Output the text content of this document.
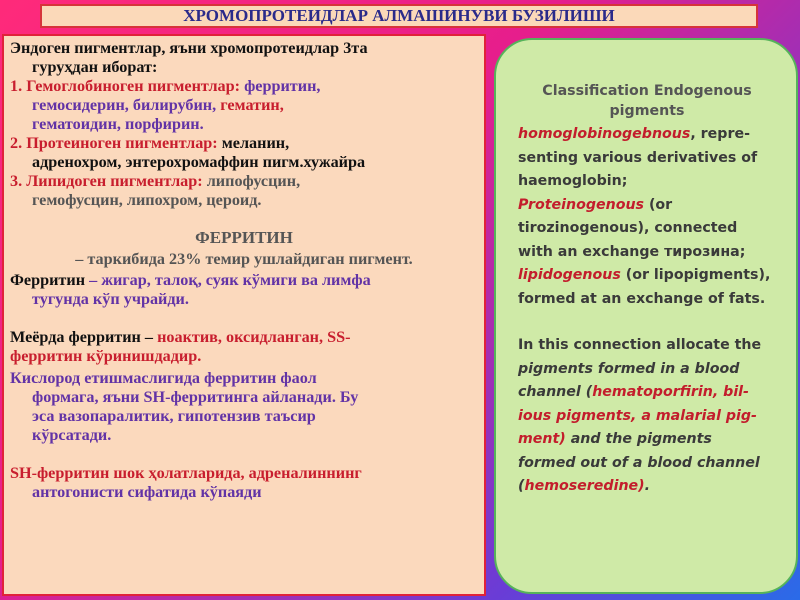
ХРОМОПРОТЕИДЛАР АЛМАШИНУВИ БУЗИЛИШИ

Эндоген пигментлар, яъни хромопротеидлар 3та

гуруҳдан иборат:

1. Гемоглобиноген пигментлар: ферритин,

гемосидерин, билирубин, гематин,

гематоидин, порфирин.

2. Протеиноген пигментлар: меланин,

адренохром, энтерохромаффин пигм.хужайра

3. Липидоген пигментлар: липофусцин,

гемофусцин, липохром, цероид.

ФЕРРИТИН

– таркибида 23% темир ушлайдиган пигмент.

Ферритин – жигар, талоқ, суяк кўмиги ва лимфа

тугунда кўп учрайди.

Меёрда ферритин – ноактив, оксидланган, SS-

ферритин кўринишдадир.

Кислород етишмаслигида ферритин фаол

формага, яъни SH-ферритинга айланади. Бу

эса вазопаралитик, гипотензив таъсир

кўрсатади.

SH-ферритин шок ҳолатларида, адреналиннинг

антогонисти сифатида кўпаяди

Classification Endogenous

pigments

homoglobinogebnous, repre-

senting various derivatives of

haemoglobin;

Proteinogenous (or

tirozinogenous), connected

with an exchange тирозина;

lipidogenous (or lipopigments),

formed at an exchange of fats.

In this connection allocate the

pigments formed in a blood

channel (hematoporfirin, bil-

ious pigments, a malarial pig-

ment) and the pigments

formed out of a blood channel

(hemoseredine).
